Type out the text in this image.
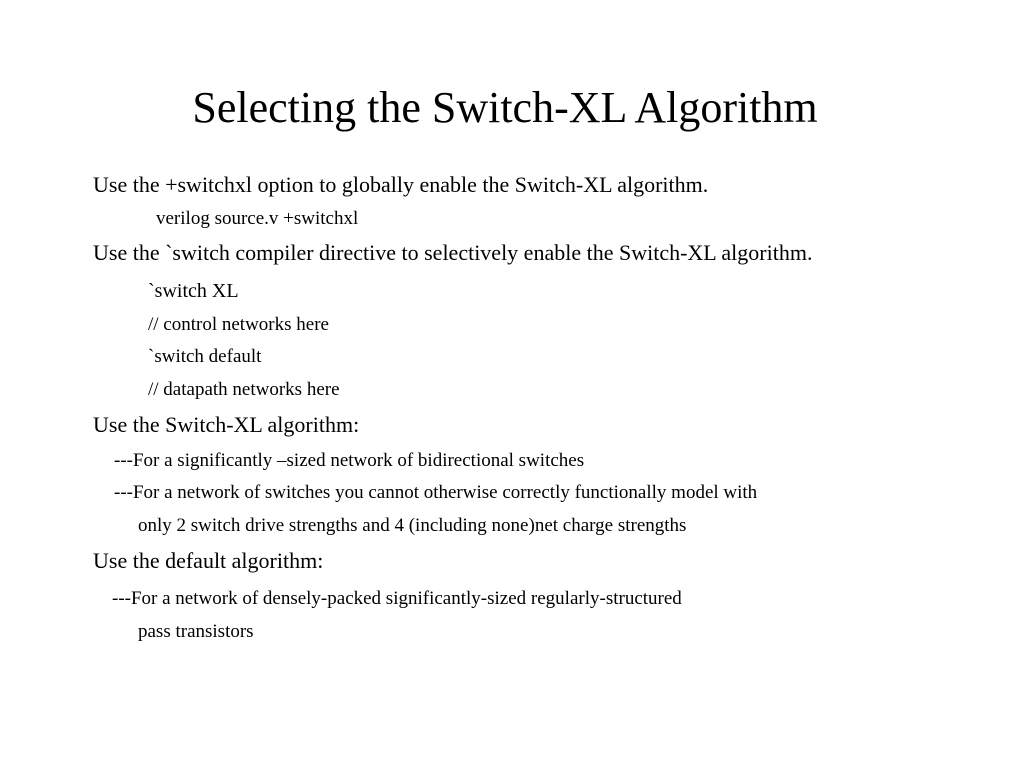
Selecting the Switch-XL Algorithm
Use the +switchxl option to globally enable the Switch-XL algorithm.
verilog source.v +switchxl
Use the `switch compiler directive to selectively enable the Switch-XL algorithm.
`switch XL
// control networks here
`switch default
// datapath networks here
Use the Switch-XL algorithm:
---For a significantly –sized network of bidirectional switches
---For a network of switches you cannot otherwise correctly functionally model with
only 2 switch drive strengths and 4 (including none)net charge strengths
Use the default algorithm:
---For a network of densely-packed significantly-sized regularly-structured
pass transistors
